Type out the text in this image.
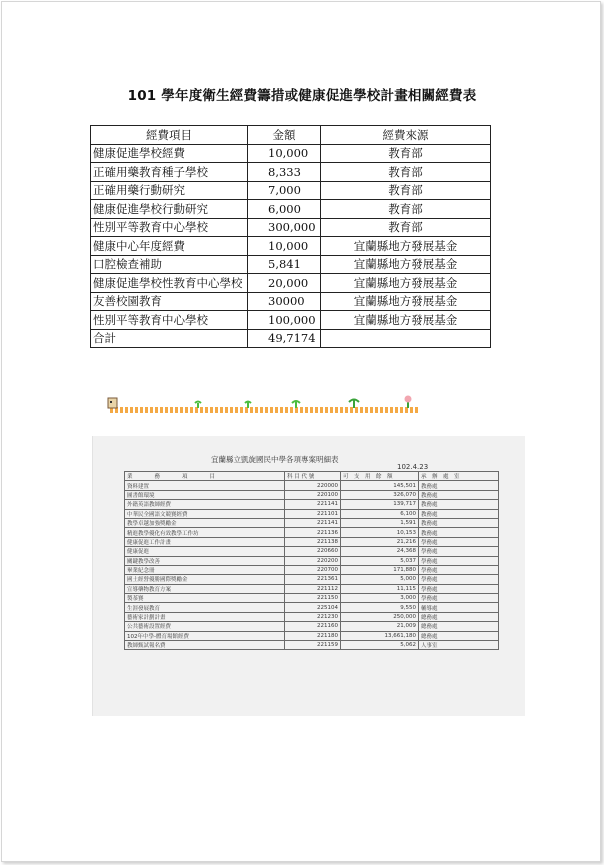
101 學年度衛生經費籌措或健康促進學校計畫相關經費表
經費項目	金額	經費來源
健康促進學校經費	10,000	教育部
正確用藥教育種子學校	8,333	教育部
正確用藥行動研究	7,000	教育部
健康促進學校行動研究	6,000	教育部
性別平等教育中心學校	300,000	教育部
健康中心年度經費	10,000	宜蘭縣地方發展基金
口腔檢查補助	5,841	宜蘭縣地方發展基金
健康促進學校性教育中心學校	20,000	宜蘭縣地方發展基金
友善校園教育	30000	宜蘭縣地方發展基金
性別平等教育中心學校	100,000	宜蘭縣地方發展基金
合計	49,7174	
宜蘭縣立凱旋國民中學各項專案明細表
102.4.23
業　　　　務　　　　項　　　　目	科 目 代 號	可　支　用　餘　額	承　辦　處　室
資料建置	220000	145,501	教務處
圖書館環境	220100	326,070	教務處
外籍英語教師經費	221141	139,717	教務處
中華民全國語文競賽經費	221101	6,100	教務處
教學卓越加強獎勵金	221141	1,591	教務處
精進教學優化有效教學工作坊	221136	10,153	教務處
健康促進工作計畫	221138	21,216	學務處
健康促進	220660	24,368	學務處
關鍵教學改善	220200	5,037	學務處
畢業紀念冊	220700	171,880	學務處
國土經營優勝國際獎勵金	221361	5,000	學務處
宣導藥物教育方案	221112	11,115	學務處
製茶賽	221150	3,000	學務處
生涯發展教育	225104	9,550	輔導處
藝術家計劃計畫	221230	250,000	總務處
公共藝術設置經費	221160	21,009	總務處
102年中學-體育場館經費	221180	13,661,180	總務處
教師甄試報名費	221159	5,062	人事室
